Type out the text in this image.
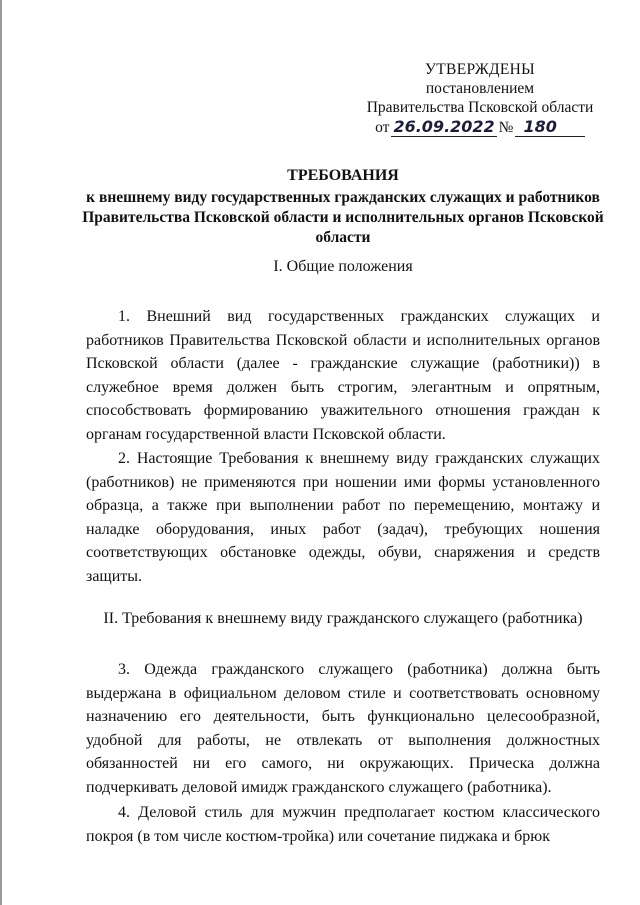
УТВЕРЖДЕНЫ
постановлением
Правительства Псковской области
от 26.09.2022 № 180
ТРЕБОВАНИЯ
к внешнему виду государственных гражданских служащих и работников Правительства Псковской области и исполнительных органов Псковской области
I. Общие положения
1. Внешний вид государственных гражданских служащих и работников Правительства Псковской области и исполнительных органов Псковской области (далее - гражданские служащие (работники)) в служебное время должен быть строгим, элегантным и опрятным, способствовать формированию уважительного отношения граждан к органам государственной власти Псковской области.
2. Настоящие Требования к внешнему виду гражданских служащих (работников) не применяются при ношении ими формы установленного образца, а также при выполнении работ по перемещению, монтажу и наладке оборудования, иных работ (задач), требующих ношения соответствующих обстановке одежды, обуви, снаряжения и средств защиты.
II. Требования к внешнему виду гражданского служащего (работника)
3. Одежда гражданского служащего (работника) должна быть выдержана в официальном деловом стиле и соответствовать основному назначению его деятельности, быть функционально целесообразной, удобной для работы, не отвлекать от выполнения должностных обязанностей ни его самого, ни окружающих. Прическа должна подчеркивать деловой имидж гражданского служащего (работника).
4. Деловой стиль для мужчин предполагает костюм классического покроя (в том числе костюм-тройка) или сочетание пиджака и брюк
